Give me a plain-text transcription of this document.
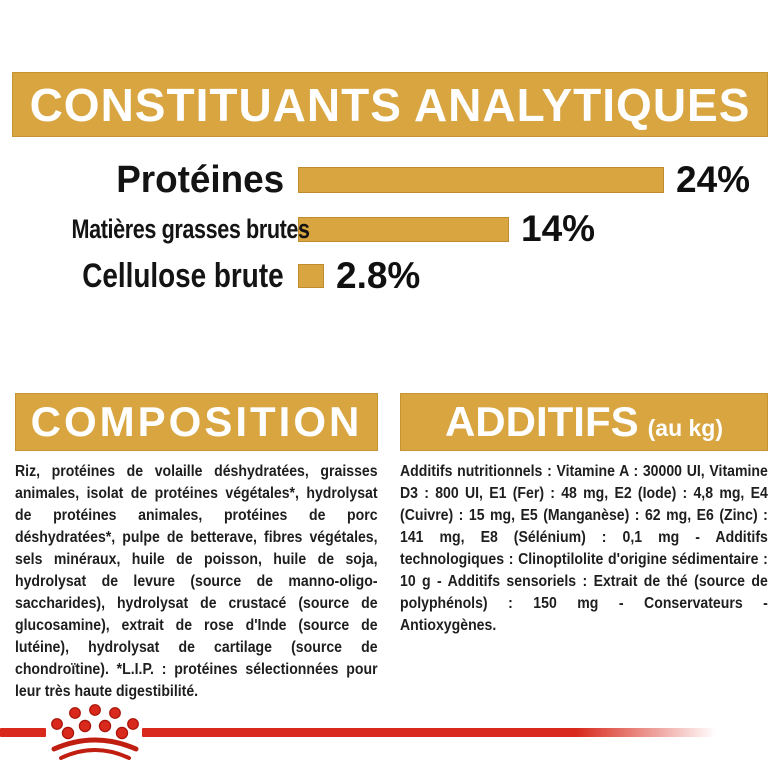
CONSTITUANTS ANALYTIQUES
Protéines	24%
Matières grasses brutes	14%
Cellulose brute	2.8%
COMPOSITION

Riz, protéines de volaille déshydratées, graisses animales, isolat de protéines végétales*, hydrolysat de protéines animales, protéines de porc déshydratées*, pulpe de betterave, fibres végétales, sels minéraux, huile de poisson, huile de soja, hydrolysat de levure (source de manno-oligo-saccharides), hydrolysat de crustacé (source de glucosamine), extrait de rose d'Inde (source de lutéine), hydrolysat de cartilage (source de chondroïtine). *L.I.P. : protéines sélectionnées pour leur très haute digestibilité.

ADDITIFS (au kg)

Additifs nutritionnels : Vitamine A : 30000 UI, Vitamine D3 : 800 UI, E1 (Fer) : 48 mg, E2 (Iode) : 4,8 mg, E4 (Cuivre) : 15 mg, E5 (Manganèse) : 62 mg, E6 (Zinc) : 141 mg, E8 (Sélénium) : 0,1 mg - Additifs technologiques : Clinoptilolite d'origine sédimentaire : 10 g - Additifs sensoriels : Extrait de thé (source de polyphénols) : 150 mg - Conservateurs - Antioxygènes.
